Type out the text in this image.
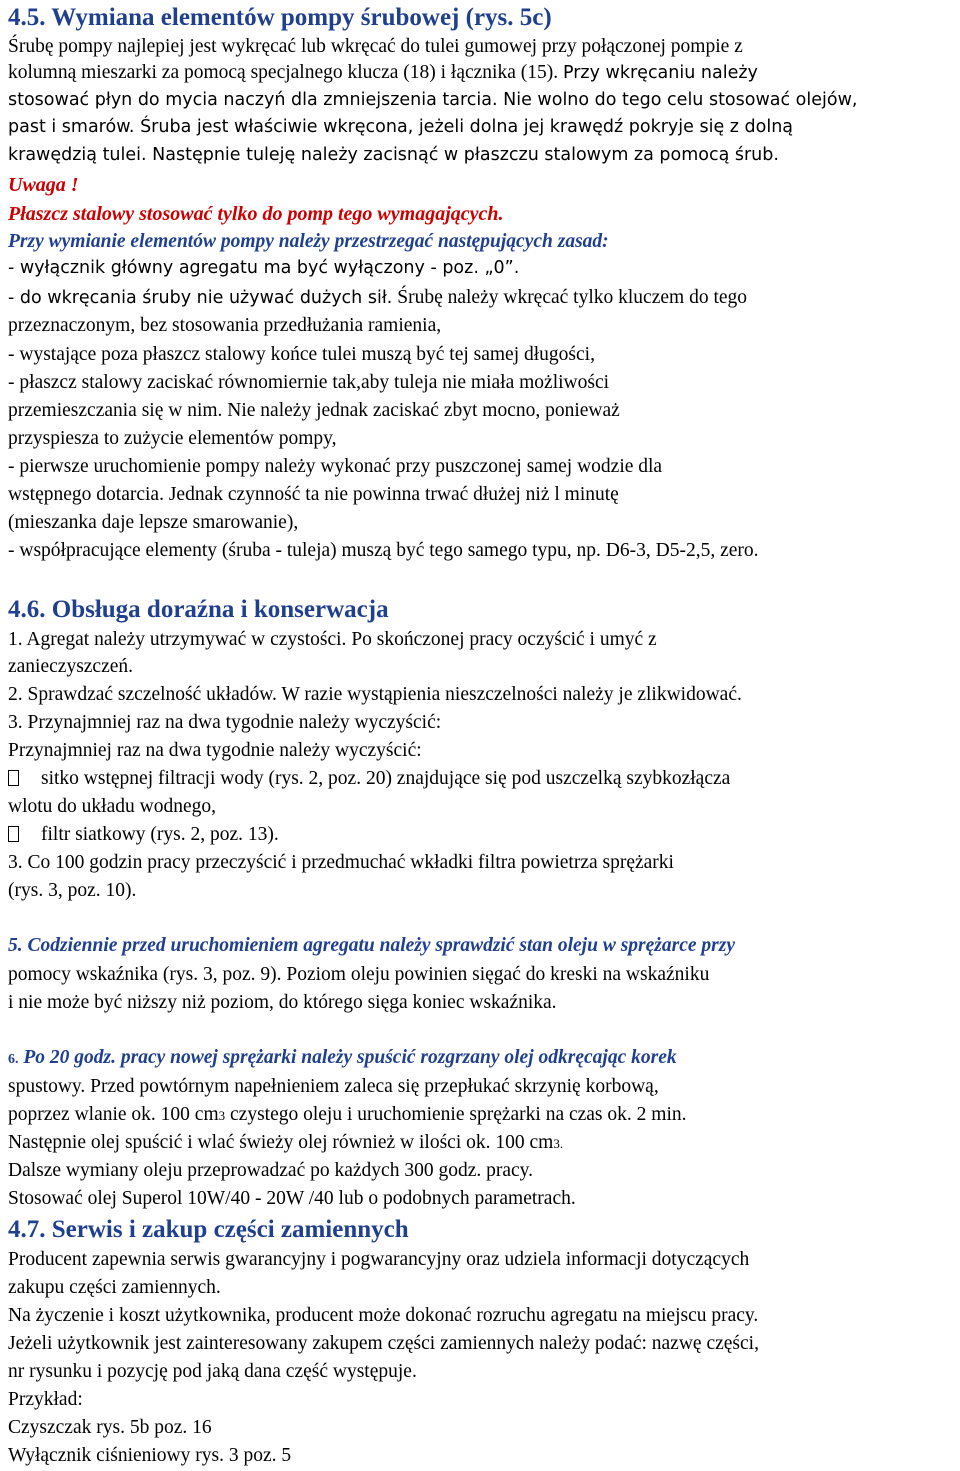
4.5. Wymiana elementów pompy śrubowej (rys. 5c)
Śrubę pompy najlepiej jest wykręcać lub wkręcać do tulei gumowej przy połączonej pompie z
kolumną mieszarki za pomocą specjalnego klucza (18) i łącznika (15). Przy wkręcaniu należy
stosować płyn do mycia naczyń dla zmniejszenia tarcia. Nie wolno do tego celu stosować olejów,
past i smarów. Śruba jest właściwie wkręcona, jeżeli dolna jej krawędź pokryje się z dolną
krawędzią tulei. Następnie tuleję należy zacisnąć w płaszczu stalowym za pomocą śrub.
Uwaga !
Płaszcz stalowy stosować tylko do pomp tego wymagających.
Przy wymianie elementów pompy należy przestrzegać następujących zasad:
- wyłącznik główny agregatu ma być wyłączony - poz. „0”.
- do wkręcania śruby nie używać dużych sił. Śrubę należy wkręcać tylko kluczem do tego
przeznaczonym, bez stosowania przedłużania ramienia,
- wystające poza płaszcz stalowy końce tulei muszą być tej samej długości,
- płaszcz stalowy zaciskać równomiernie tak,aby tuleja nie miała możliwości
przemieszczania się w nim. Nie należy jednak zaciskać zbyt mocno, ponieważ
przyspiesza to zużycie elementów pompy,
- pierwsze uruchomienie pompy należy wykonać przy puszczonej samej wodzie dla
wstępnego dotarcia. Jednak czynność ta nie powinna trwać dłużej niż l minutę
(mieszanka daje lepsze smarowanie),
- współpracujące elementy (śruba - tuleja) muszą być tego samego typu, np. D6-3, D5-2,5, zero.
4.6. Obsługa doraźna i konserwacja
1. Agregat należy utrzymywać w czystości. Po skończonej pracy oczyścić i umyć z
zanieczyszczeń.
2. Sprawdzać szczelność układów. W razie wystąpienia nieszczelności należy je zlikwidować.
3. Przynajmniej raz na dwa tygodnie należy wyczyścić:
Przynajmniej raz na dwa tygodnie należy wyczyścić:
sitko wstępnej filtracji wody (rys. 2, poz. 20) znajdujące się pod uszczelką szybkozłącza
wlotu do układu wodnego,
filtr siatkowy (rys. 2, poz. 13).
3. Co 100 godzin pracy przeczyścić i przedmuchać wkładki filtra powietrza sprężarki
(rys. 3, poz. 10).
5. Codziennie przed uruchomieniem agregatu należy sprawdzić stan oleju w sprężarce przy
pomocy wskaźnika (rys. 3, poz. 9). Poziom oleju powinien sięgać do kreski na wskaźniku
i nie może być niższy niż poziom, do którego sięga koniec wskaźnika.
6. Po 20 godz. pracy nowej sprężarki należy spuścić rozgrzany olej odkręcając korek
spustowy. Przed powtórnym napełnieniem zaleca się przepłukać skrzynię korbową,
poprzez wlanie ok. 100 cm3 czystego oleju i uruchomienie sprężarki na czas ok. 2 min.
Następnie olej spuścić i wlać świeży olej również w ilości ok. 100 cm3.
Dalsze wymiany oleju przeprowadzać po każdych 300 godz. pracy.
Stosować olej Superol 10W/40 - 20W /40 lub o podobnych parametrach.
4.7. Serwis i zakup części zamiennych
Producent zapewnia serwis gwarancyjny i pogwarancyjny oraz udziela informacji dotyczących
zakupu części zamiennych.
Na życzenie i koszt użytkownika, producent może dokonać rozruchu agregatu na miejscu pracy.
Jeżeli użytkownik jest zainteresowany zakupem części zamiennych należy podać: nazwę części,
nr rysunku i pozycję pod jaką dana część występuje.
Przykład:
Czyszczak rys. 5b poz. 16
Wyłącznik ciśnieniowy rys. 3 poz. 5
